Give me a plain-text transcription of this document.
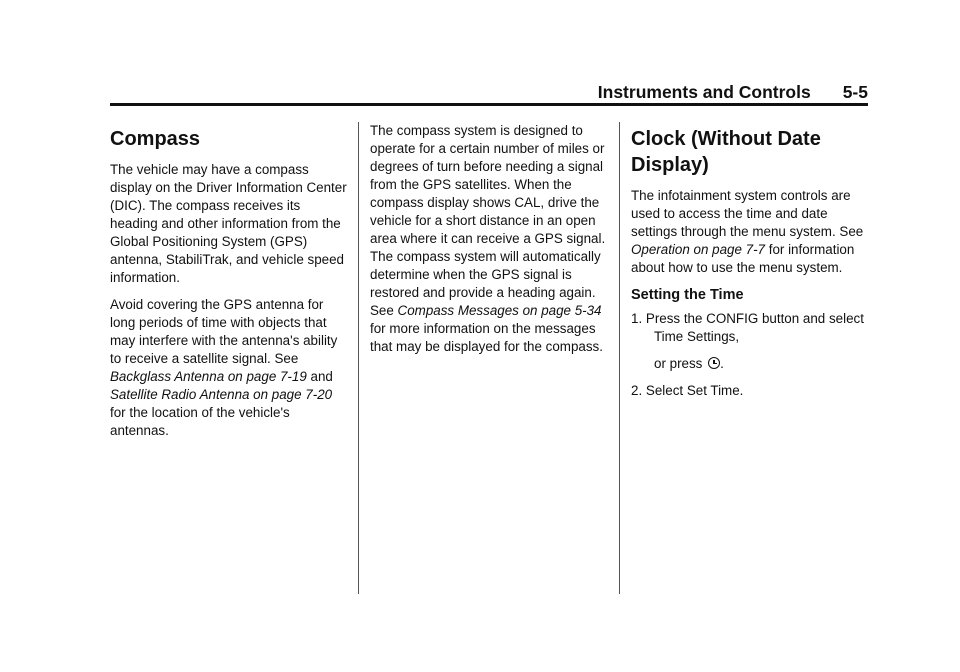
Instruments and Controls 5-5
Compass

The vehicle may have a compass display on the Driver Information Center (DIC). The compass receives its heading and other information from the Global Positioning System (GPS) antenna, StabiliTrak, and vehicle speed information.

Avoid covering the GPS antenna for long periods of time with objects that may interfere with the antenna's ability to receive a satellite signal. See Backglass Antenna on page 7-19 and Satellite Radio Antenna on page 7-20 for the location of the vehicle's antennas.

The compass system is designed to operate for a certain number of miles or degrees of turn before needing a signal from the GPS satellites. When the compass display shows CAL, drive the vehicle for a short distance in an open area where it can receive a GPS signal. The compass system will automatically determine when the GPS signal is restored and provide a heading again. See Compass Messages on page 5-34 for more information on the messages that may be displayed for the compass.

Clock (Without Date Display)

The infotainment system controls are used to access the time and date settings through the menu system. See Operation on page 7-7 for information about how to use the menu system.

Setting the Time

1. Press the CONFIG button and select Time Settings,

or press .

2. Select Set Time.
